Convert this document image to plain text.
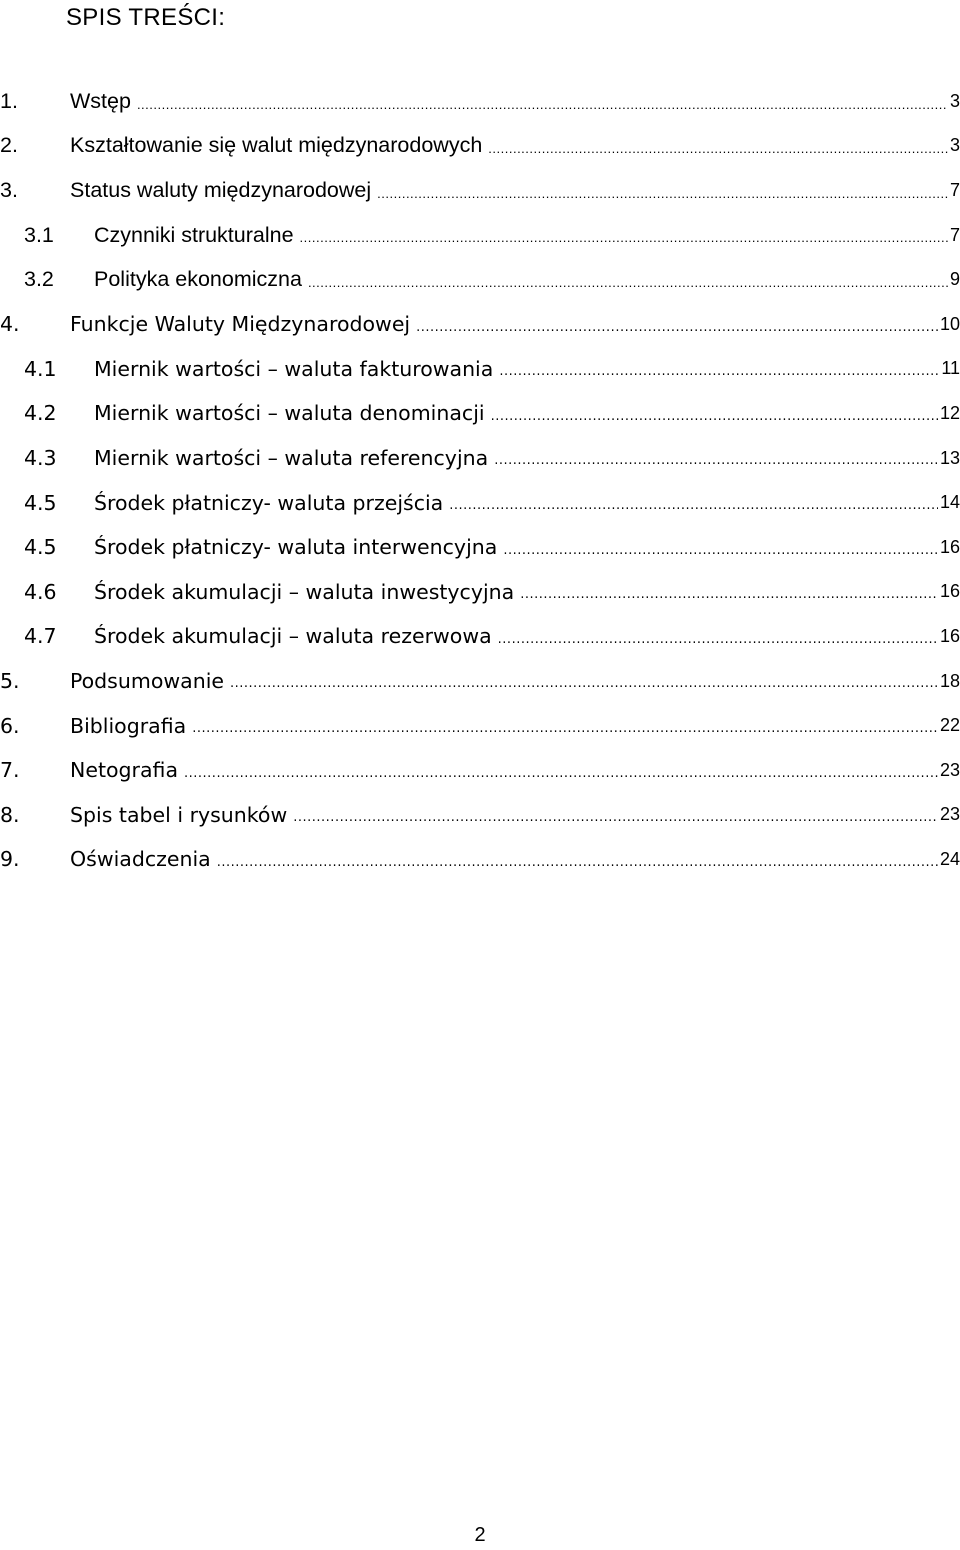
SPIS TREŚCI:
1.	Wstęp .....	3
2.	Kształtowanie się walut międzynarodowych .....	3
3.	Status waluty międzynarodowej .....	7
3.1	Czynniki strukturalne .....	7
3.2	Polityka ekonomiczna .....	9
4.	Funkcje Waluty Międzynarodowej .....	10
4.1	Miernik wartości – waluta fakturowania .....	11
4.2	Miernik wartości – waluta denominacji .....	12
4.3	Miernik wartości – waluta referencyjna .....	13
4.5	Środek płatniczy- waluta przejścia .....	14
4.5	Środek płatniczy- waluta interwencyjna .....	16
4.6	Środek akumulacji – waluta inwestycyjna .....	16
4.7	Środek akumulacji – waluta rezerwowa .....	16
5.	Podsumowanie .....	18
6.	Bibliografia .....	22
7.	Netografia .....	23
8.	Spis tabel i rysunków .....	23
9.	Oświadczenia .....	24
2
